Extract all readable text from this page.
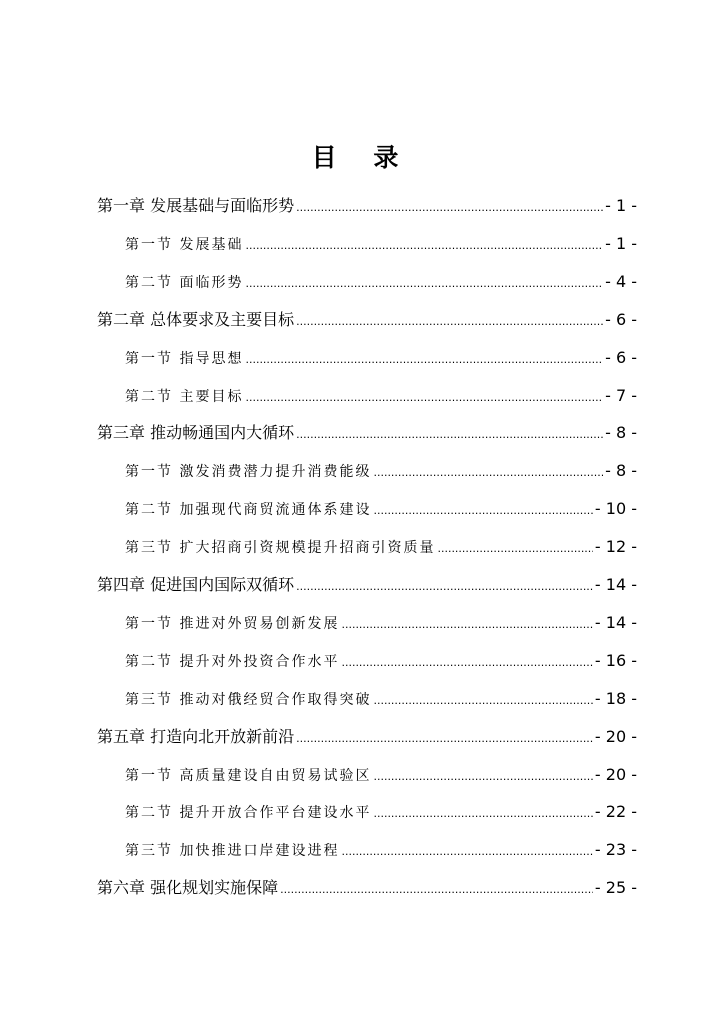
目 录
第一章 发展基础与面临形势 .....	- 1 -
第一节 发展基础 .....	- 1 -
第二节 面临形势 .....	- 4 -
第二章 总体要求及主要目标 .....	- 6 -
第一节 指导思想 .....	- 6 -
第二节 主要目标 .....	- 7 -
第三章 推动畅通国内大循环 .....	- 8 -
第一节 激发消费潜力提升消费能级 .....	- 8 -
第二节 加强现代商贸流通体系建设 .....	- 10 -
第三节 扩大招商引资规模提升招商引资质量 .....	- 12 -
第四章 促进国内国际双循环 .....	- 14 -
第一节 推进对外贸易创新发展 .....	- 14 -
第二节 提升对外投资合作水平 .....	- 16 -
第三节 推动对俄经贸合作取得突破 .....	- 18 -
第五章 打造向北开放新前沿 .....	- 20 -
第一节 高质量建设自由贸易试验区 .....	- 20 -
第二节 提升开放合作平台建设水平 .....	- 22 -
第三节 加快推进口岸建设进程 .....	- 23 -
第六章 强化规划实施保障 .....	- 25 -
